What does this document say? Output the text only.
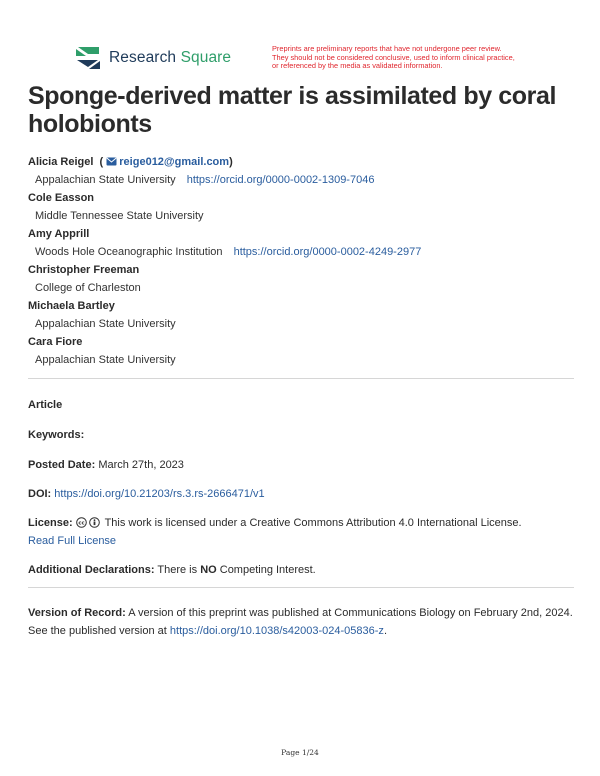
Research Square
Preprints are preliminary reports that have not undergone peer review.
They should not be considered conclusive, used to inform clinical practice,
or referenced by the media as validated information.
Sponge-derived matter is assimilated by coral holobionts
Alicia Reigel ( reige012@gmail.com)
Appalachian State University https://orcid.org/0000-0002-1309-7046
Cole Easson
Middle Tennessee State University
Amy Apprill
Woods Hole Oceanographic Institution https://orcid.org/0000-0002-4249-2977
Christopher Freeman
College of Charleston
Michaela Bartley
Appalachian State University
Cara Fiore
Appalachian State University
Article
Keywords:
Posted Date: March 27th, 2023
DOI: https://doi.org/10.21203/rs.3.rs-2666471/v1
License: cc This work is licensed under a Creative Commons Attribution 4.0 International License.
Read Full License
Additional Declarations: There is NO Competing Interest.
Version of Record: A version of this preprint was published at Communications Biology on February 2nd, 2024. See the published version at https://doi.org/10.1038/s42003-024-05836-z.
Page 1/24
